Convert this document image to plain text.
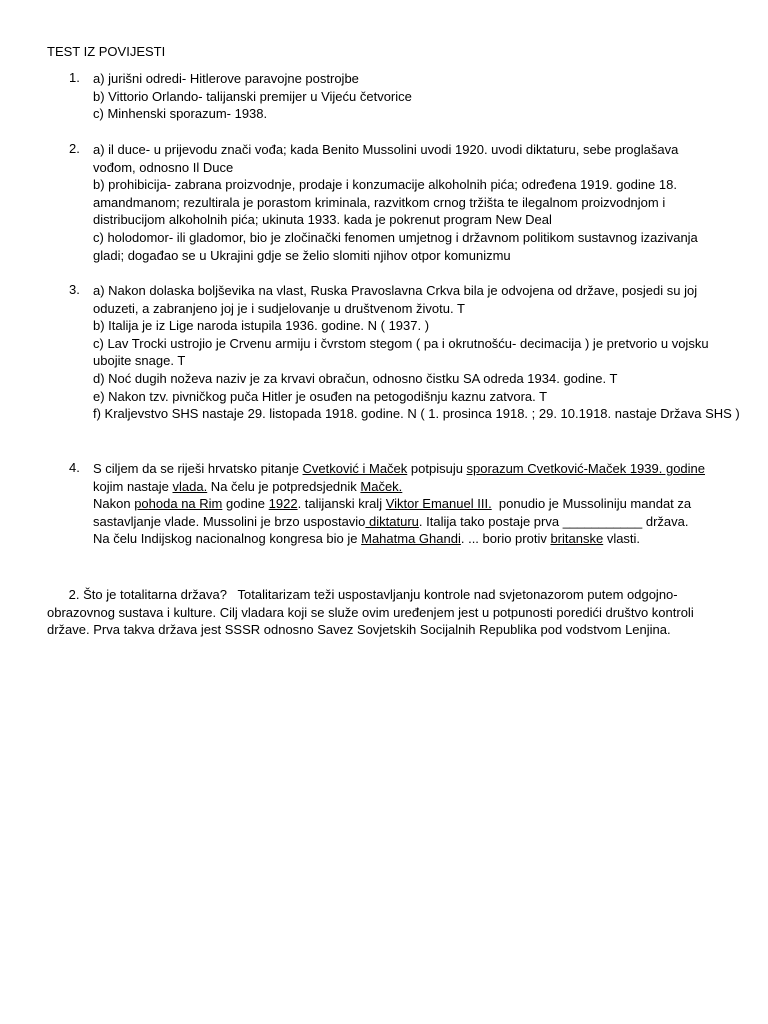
TEST IZ POVIJESTI
1.	a) jurišni odredi- Hitlerove paravojne postrojbe
b) Vittorio Orlando- talijanski premijer u Vijeću četvorice
c) Minhenski sporazum- 1938.
2.	a) il duce- u prijevodu znači vođa; kada Benito Mussolini uvodi 1920. uvodi diktaturu, sebe proglašava
vođom, odnosno Il Duce
b) prohibicija- zabrana proizvodnje, prodaje i konzumacije alkoholnih pića; određena 1919. godine 18.
amandmanom; rezultirala je porastom kriminala, razvitkom crnog tržišta te ilegalnom proizvodnjom i
distribucijom alkoholnih pića; ukinuta 1933. kada je pokrenut program New Deal
c) holodomor- ili gladomor, bio je zločinački fenomen umjetnog i državnom politikom sustavnog izazivanja
gladi; događao se u Ukrajini gdje se želio slomiti njihov otpor komunizmu
3.	a) Nakon dolaska boljševika na vlast, Ruska Pravoslavna Crkva bila je odvojena od države, posjedi su joj
oduzeti, a zabranjeno joj je i sudjelovanje u društvenom životu. T
b) Italija je iz Lige naroda istupila 1936. godine. N ( 1937. )
c) Lav Trocki ustrojio je Crvenu armiju i čvrstom stegom ( pa i okrutnošću- decimacija ) je pretvorio u vojsku
ubojite snage. T
d) Noć dugih noževa naziv je za krvavi obračun, odnosno čistku SA odreda 1934. godine. T
e) Nakon tzv. pivničkog puča Hitler je osuđen na petogodišnju kaznu zatvora. T
f) Kraljevstvo SHS nastaje 29. listopada 1918. godine. N ( 1. prosinca 1918. ; 29. 10.1918. nastaje Država SHS )
4.	S ciljem da se riješi hrvatsko pitanje Cvetković i Maček potpisuju sporazum Cvetković-Maček 1939. godine
kojim nastaje vlada. Na čelu je potpredsjednik Maček.
Nakon pohoda na Rim godine 1922. talijanski kralj Viktor Emanuel III.  ponudio je Mussoliniju mandat za
sastavljanje vlade. Mussolini je brzo uspostavio diktaturu. Italija tako postaje prva ___________ država.
Na čelu Indijskog nacionalnog kongresa bio je Mahatma Ghandi. ... borio protiv britanske vlasti.
2. Što je totalitarna država?   Totalitarizam teži uspostavljanju kontrole nad svjetonazorom putem odgojno-
obrazovnog sustava i kulture. Cilj vladara koji se služe ovim uređenjem jest u potpunosti poredići društvo kontroli
države. Prva takva država jest SSSR odnosno Savez Sovjetskih Socijalnih Republika pod vodstvom Lenjina.
